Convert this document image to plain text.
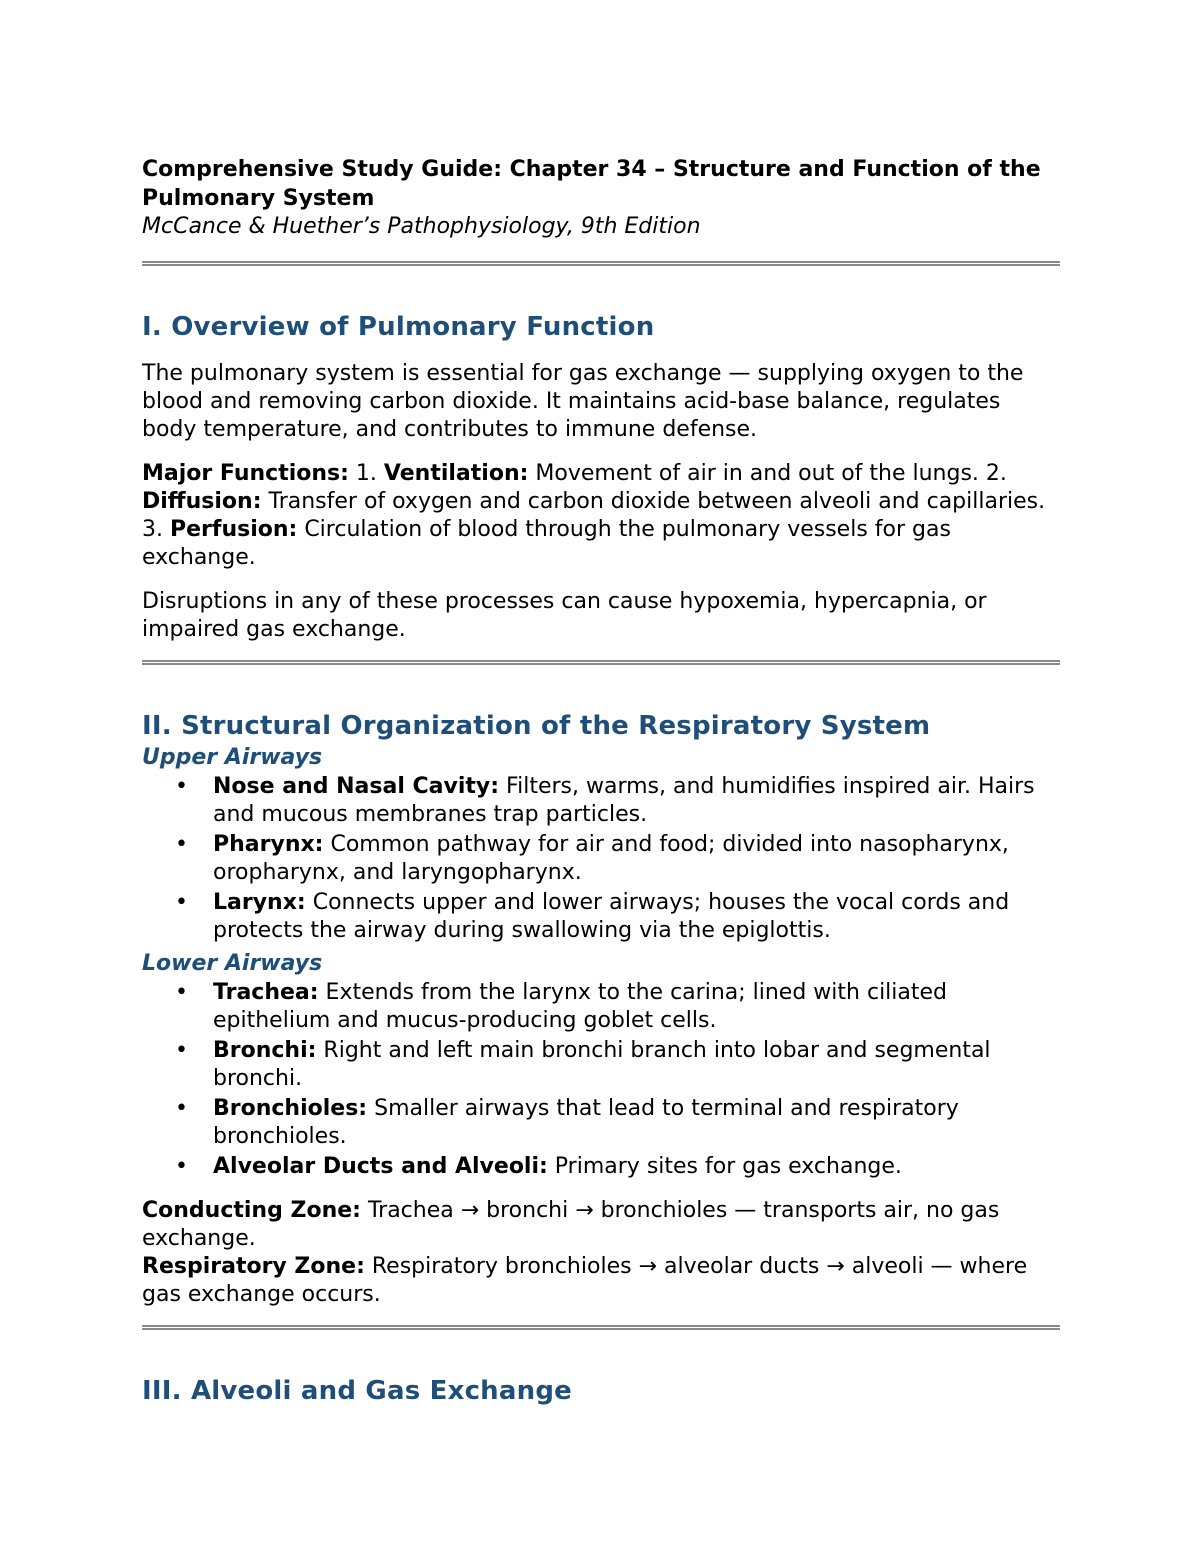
Comprehensive Study Guide: Chapter 34 – Structure and Function of the Pulmonary System

McCance & Huether’s Pathophysiology, 9th Edition

I. Overview of Pulmonary Function

The pulmonary system is essential for gas exchange — supplying oxygen to the blood and removing carbon dioxide. It maintains acid-base balance, regulates body temperature, and contributes to immune defense.

Major Functions: 1. Ventilation: Movement of air in and out of the lungs. 2. Diffusion: Transfer of oxygen and carbon dioxide between alveoli and capillaries. 3. Perfusion: Circulation of blood through the pulmonary vessels for gas exchange.

Disruptions in any of these processes can cause hypoxemia, hypercapnia, or impaired gas exchange.

II. Structural Organization of the Respiratory System
Upper Airways
• Nose and Nasal Cavity: Filters, warms, and humidifies inspired air. Hairs and mucous membranes trap particles.
• Pharynx: Common pathway for air and food; divided into nasopharynx, oropharynx, and laryngopharynx.
• Larynx: Connects upper and lower airways; houses the vocal cords and protects the airway during swallowing via the epiglottis.
Lower Airways
• Trachea: Extends from the larynx to the carina; lined with ciliated epithelium and mucus-producing goblet cells.
• Bronchi: Right and left main bronchi branch into lobar and segmental bronchi.
• Bronchioles: Smaller airways that lead to terminal and respiratory bronchioles.
• Alveolar Ducts and Alveoli: Primary sites for gas exchange.

Conducting Zone: Trachea → bronchi → bronchioles — transports air, no gas exchange.

Respiratory Zone: Respiratory bronchioles → alveolar ducts → alveoli — where gas exchange occurs.

III. Alveoli and Gas Exchange
